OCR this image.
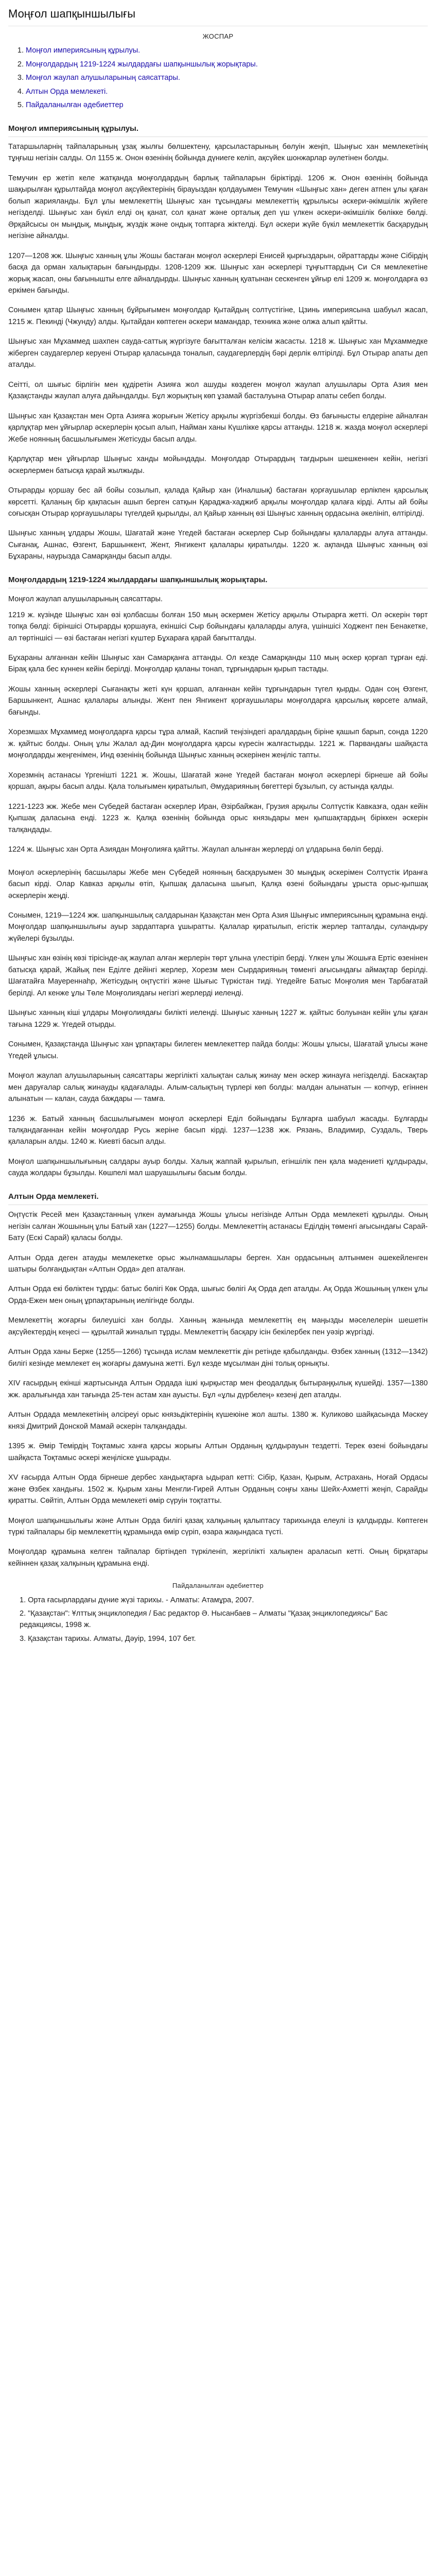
Моңғол шапқыншылығы
ЖОСПАР
1. Моңғол империясының құрылуы.
2. Моңғолдардың 1219-1224 жылдардағы шапқыншылық жорықтары.
3. Моңғол жаулап алушыларының саясаттары.
4. Алтын Орда мемлекеті.
5. Пайдаланылған әдебиеттер
Моңғол империясының құрылуы.

Татаршыларнің тайпаларының ұзақ жылғы бөлшектену, қарсыластарының бөлуін жеңіп, Шыңғыс хан мемлекетінің тұңғыш негізін салды. Ол 1155 ж. Онон өзенінің бойында дүниеге келіп, ақсүйек шонжарлар әулетінен болды.

Темучин ер жетіп келе жатқанда моңғолдардың барлық тайпаларын біріктірді. 1206 ж. Онон өзенінің бойында шақырылған құрылтайда моңғол ақсүйектерінің бірауыздан қолдауымен Темучин «Шыңғыс хан» деген атпен ұлы қаған болып жарияланды. Бұл ұлы мемлекеттің Шыңғыс хан тұсындағы мемлекеттің құрылысы әскери-әкімшілік жүйеге негізделді. Шыңғыс хан бүкіл елді оң қанат, сол қанат және орталық деп үш үлкен әскери-әкімшілік бөлікке бөлді. Әрқайсысы он мыңдық, мыңдық, жүздік және ондық топтарға жіктелді. Бұл әскери жүйе бүкіл мемлекеттік басқарудың негізіне айналды.

1207—1208 жж. Шыңғыс ханның ұлы Жошы бастаған моңғол әскерлері Енисей қырғыздарын, ойраттарды және Сібірдің басқа да орман халықтарын бағындырды. 1208-1209 жж. Шыңғыс хан әскерлері тұңғыттардың Си Ся мемлекетіне жорық жасап, оны бағынышты елге айналдырды. Шыңғыс ханның қуатынан сескенген ұйғыр елі 1209 ж. моңғолдарға өз еркімен бағынды.

Сонымен қатар Шыңғыс ханның бұйрығымен моңғолдар Қытайдың солтүстігіне, Цзинь империясына шабуыл жасап, 1215 ж. Пекинді (Чжунду) алды. Қытайдан көптеген әскери мамандар, техника және олжа алып қайтты.

Шыңғыс хан Мұхаммед шахпен сауда-саттық жүргізуге бағытталған келісім жасасты. 1218 ж. Шыңғыс хан Мұхаммедке жіберген саудагерлер керуені Отырар қаласында тоналып, саудагерлердің бәрі дерлік өлтірілді. Бұл Отырар апаты деп аталды.

Сеітті, ол шығыс бірлігін мен құдіретін Азияға жол ашуды көздеген моңғол жаулап алушылары Орта Азия мен Қазақстанды жаулап алуға дайындалды. Бұл жорықтың көп ұзамай басталуына Отырар апаты себеп болды.

Шыңғыс хан Қазақстан мен Орта Азияға жорығын Жетісу арқылы жүргізбекші болды. Өз бағынысты елдеріне айналған қарлұқтар мен ұйғырлар әскерлерін қосып алып, Найман ханы Күшлікке қарсы аттанды. 1218 ж. жазда моңғол әскерлері Жебе ноянның басшылығымен Жетісуды басып алды.

Қарлұқтар мен ұйғырлар Шыңғыс ханды мойындады. Моңғолдар Отырардың тағдырын шешкеннен кейін, негізгі әскерлермен батысқа қарай жылжыды.

Отырарды қоршау бес ай бойы созылып, қалада Қайыр хан (Иналшық) бастаған қорғаушылар ерлікпен қарсылық көрсетті. Қаланың бір қақпасын ашып берген сатқын Қараджа-хаджиб арқылы моңғолдар қалаға кірді. Алты ай бойы соғысқан Отырар қорғаушылары түгелдей қырылды, ал Қайыр ханның өзі Шыңғыс ханның ордасына әкелініп, өлтірілді.

Шыңғыс ханның ұлдары Жошы, Шағатай және Үгедей бастаған әскерлер Сыр бойындағы қалаларды алуға аттанды. Сығанақ, Ашнас, Өзгент, Баршынкент, Жент, Янгикент қалалары қиратылды. 1220 ж. ақпанда Шыңғыс ханның өзі Бұхараны, наурызда Самарқанды басып алды.

Моңғолдардың 1219-1224 жылдардағы шапқыншылық жорықтары.
Моңғол жаулап алушыларының саясаттары.

1219 ж. күзінде Шыңғыс хан өзі қолбасшы болған 150 мың әскермен Жетісу арқылы Отырарға жетті. Ол әскерін төрт топқа бөлді: біріншісі Отырарды қоршауға, екіншісі Сыр бойындағы қалаларды алуға, үшіншісі Ходжент пен Бенакетке, ал төртіншісі — өзі бастаған негізгі күштер Бұхараға қарай бағытталды.

Бұхараны алғаннан кейін Шыңғыс хан Самарқанға аттанды. Ол кезде Самарқанды 110 мың әскер қорғап тұрған еді. Бірақ қала бес күннен кейін берілді. Моңғолдар қаланы тонап, тұрғындарын қырып тастады.

Жошы ханның әскерлері Сығанақты жеті күн қоршап, алғаннан кейін тұрғындарын түгел қырды. Одан соң Өзгент, Баршынкент, Ашнас қалалары алынды. Жент пен Янгикент қорғаушылары моңғолдарға қарсылық көрсете алмай, бағынды.

Хорезмшах Мұхаммед моңғолдарға қарсы тұра алмай, Каспий теңізіндегі аралдардың біріне қашып барып, сонда 1220 ж. қайтыс болды. Оның ұлы Жалал ад-Дин моңғолдарға қарсы күресін жалғастырды. 1221 ж. Парвандағы шайқаста моңғолдарды жеңгенімен, Инд өзенінің бойында Шыңғыс ханның әскерінен жеңіліс тапты.

Хорезмнің астанасы Үргенішті 1221 ж. Жошы, Шағатай және Үгедей бастаған моңғол әскерлері бірнеше ай бойы қоршап, ақыры басып алды. Қала толығымен қиратылып, Әмударияның бөгеттері бұзылып, су астында қалды.

1221-1223 жж. Жебе мен Сүбедей бастаған әскерлер Иран, Әзірбайжан, Грузия арқылы Солтүстік Кавказға, одан кейін Қыпшақ даласына енді. 1223 ж. Қалқа өзенінің бойында орыс князьдары мен қыпшақтардың біріккен әскерін талқандады.

1224 ж. Шыңғыс хан Орта Азиядан Моңғолияға қайтты. Жаулап алынған жерлерді ол ұлдарына бөліп берді.

Моңғол әскерлерінің басшылары Жебе мен Сүбедей ноянның басқаруымен 30 мыңдық әскерімен Солтүстік Иранға басып кірді. Олар Кавказ арқылы өтіп, Қыпшақ даласына шығып, Қалқа өзені бойындағы ұрыста орыс-қыпшақ әскерлерін жеңді.

Сонымен, 1219—1224 жж. шапқыншылық салдарынан Қазақстан мен Орта Азия Шыңғыс империясының құрамына енді. Моңғолдар шапқыншылығы ауыр зардаптарға ұшыратты. Қалалар қиратылып, егістік жерлер тапталды, суландыру жүйелері бұзылды.

Шыңғыс хан өзінің көзі тірісінде-ақ жаулап алған жерлерін төрт ұлына үлестіріп берді. Үлкен ұлы Жошыға Ертіс өзенінен батысқа қарай, Жайық пен Еділге дейінгі жерлер, Хорезм мен Сырдарияның төменгі ағысындағы аймақтар берілді. Шағатайға Мауереннаһр, Жетісудың оңтүстігі және Шығыс Түркістан тиді. Үгедейге Батыс Моңғолия мен Тарбағатай берілді. Ал кенже ұлы Төле Моңғолиядағы негізгі жерлерді иеленді.

Шыңғыс ханның кіші ұлдары Моңғолиядағы билікті иеленді. Шыңғыс ханның 1227 ж. қайтыс болуынан кейін ұлы қаған тағына 1229 ж. Үгедей отырды.

Сонымен, Қазақстанда Шыңғыс хан ұрпақтары билеген мемлекеттер пайда болды: Жошы ұлысы, Шағатай ұлысы және Үгедей ұлысы.

Моңғол жаулап алушыларының саясаттары жергілікті халықтан салық жинау мен әскер жинауға негізделді. Баскақтар мен даруғалар салық жинауды қадағалады. Алым-салықтың түрлері көп болды: малдан алынатын — копчур, егіннен алынатын — калан, сауда баждары — тамға.

1236 ж. Батый ханның басшылығымен моңғол әскерлері Еділ бойындағы Бұлғарға шабуыл жасады. Бұлғарды талқандағаннан кейін моңғолдар Русь жеріне басып кірді. 1237—1238 жж. Рязань, Владимир, Суздаль, Тверь қалаларын алды. 1240 ж. Киевті басып алды.

Моңғол шапқыншылығының салдары ауыр болды. Халық жаппай қырылып, егіншілік пен қала мәдениеті құлдырады, сауда жолдары бұзылды. Көшпелі мал шаруашылығы басым болды.

Алтын Орда мемлекеті.

Оңтүстік Ресей мен Қазақстанның үлкен аумағында Жошы ұлысы негізінде Алтын Орда мемлекеті құрылды. Оның негізін салған Жошының ұлы Батый хан (1227—1255) болды. Мемлекеттің астанасы Еділдің төменгі ағысындағы Сарай-Бату (Ескі Сарай) қаласы болды.

Алтын Орда деген атауды мемлекетке орыс жылнамашылары берген. Хан ордасының алтынмен әшекейленген шатыры болғандықтан «Алтын Орда» деп аталған.

Алтын Орда екі бөліктен тұрды: батыс бөлігі Көк Орда, шығыс бөлігі Ақ Орда деп аталды. Ақ Орда Жошының үлкен ұлы Орда-Ежен мен оның ұрпақтарының иелігінде болды.

Мемлекеттің жоғарғы билеушісі хан болды. Ханның жанында мемлекеттің ең маңызды мәселелерін шешетін ақсүйектердің кеңесі — құрылтай жиналып тұрды. Мемлекеттің басқару ісін бекілербек пен уәзір жүргізді.

Алтын Орда ханы Берке (1255—1266) тұсында ислам мемлекеттік дін ретінде қабылданды. Өзбек ханның (1312—1342) билігі кезінде мемлекет ең жоғарғы дамуына жетті. Бұл кезде мұсылман діні толық орнықты.

XIV ғасырдың екінші жартысында Алтын Ордада ішкі қырқыстар мен феодалдық бытыраңқылық күшейді. 1357—1380 жж. аралығында хан тағында 25-тен астам хан ауысты. Бұл «ұлы дүрбелең» кезеңі деп аталды.

Алтын Ордада мемлекетінің әлсіреуі орыс князьдіктерінің күшеюіне жол ашты. 1380 ж. Куликово шайқасында Мәскеу князі Дмитрий Донской Мамай әскерін талқандады.

1395 ж. Әмір Темірдің Тоқтамыс ханға қарсы жорығы Алтын Орданың құлдырауын тездетті. Терек өзені бойындағы шайқаста Тоқтамыс әскері жеңіліске ұшырады.

XV ғасырда Алтын Орда бірнеше дербес хандықтарға ыдырап кетті: Сібір, Қазан, Қырым, Астрахань, Ноғай Ордасы және Өзбек хандығы. 1502 ж. Қырым ханы Менгли-Гирей Алтын Орданың соңғы ханы Шейх-Ахметті жеңіп, Сарайды қиратты. Сөйтіп, Алтын Орда мемлекеті өмір сүруін тоқтатты.

Моңғол шапқыншылығы және Алтын Орда билігі қазақ халқының қалыптасу тарихында елеулі із қалдырды. Көптеген түркі тайпалары бір мемлекеттің құрамында өмір сүріп, өзара жақындаса түсті.

Моңғолдар құрамына келген тайпалар біртіндеп түркіленіп, жергілікті халықпен араласып кетті. Оның бірқатары кейіннен қазақ халқының құрамына енді.

Пайдаланылған әдебиеттер
1. Орта ғасырлардағы дүние жүзі тарихы. - Алматы: Атамұра, 2007.
2. "Қазақстан": Ұлттық энциклопедия / Бас редактор Ә. Нысанбаев – Алматы "Қазақ энциклопедиясы" Бас редакциясы, 1998 ж.
3. Қазақстан тарихы. Алматы, Дәуір, 1994, 107 бет.
